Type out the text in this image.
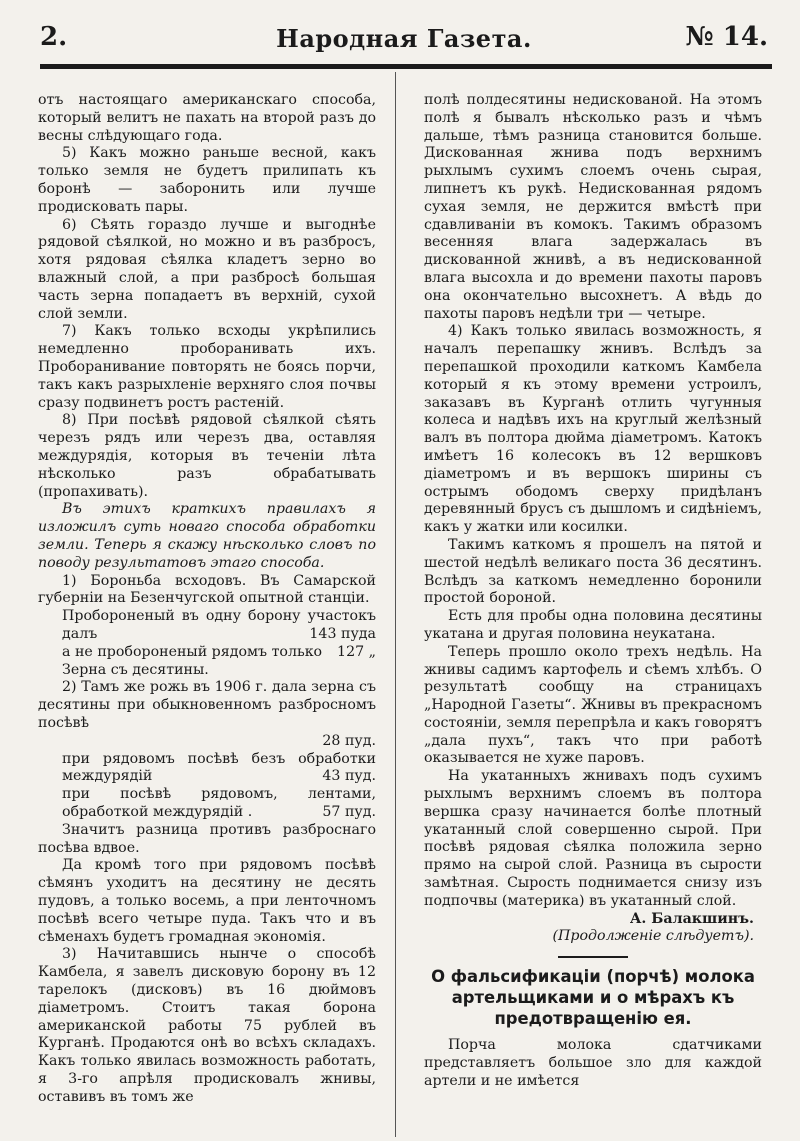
2.	Народная Газета.	№ 14.

отъ настоящаго американскаго способа, который велитъ не пахать на второй разъ до весны слѣдующаго года.

5) Какъ можно раньше весной, какъ только земля не будетъ прилипать къ боронѣ — заборонить или лучше продисковать пары.

6) Сѣять гораздо лучше и выгоднѣе рядовой сѣялкой, но можно и въ разбросъ, хотя рядовая сѣялка кладетъ зерно во влажный слой, а при разбросѣ большая часть зерна попадаетъ въ верхній, сухой слой земли.

7) Какъ только всходы укрѣпились немедленно проборанивать ихъ. Проборанивание повторять не боясь порчи, такъ какъ разрыхленіе верхняго слоя почвы сразу подвинетъ ростъ растеній.

8) При посѣвѣ рядовой сѣялкой сѣять черезъ рядъ или черезъ два, оставляя междурядія, которыя въ теченіи лѣта нѣсколько разъ обрабатывать (пропахивать).

Въ этихъ краткихъ правилахъ я изложилъ суть новаго способа обработки земли. Теперь я скажу нѣсколько словъ по поводу результатовъ этаго способа.

1) Бороньба всходовъ. Въ Самарской губерніи на Безенчугской опытной станціи.

Пробороненый въ одну борону участокъ далъ	143 пуда
а не пробороненый рядомъ только 127 „
Зерна съ десятины.

2) Тамъ же рожь въ 1906 г. дала зерна съ десятины при обыкновенномъ разбросномъ посѣвѣ

28 пуд.
при рядовомъ посѣвѣ безъ обработки междурядій	43 пуд.
при посѣвѣ рядовомъ, лентами, обработкой междурядій .	57 пуд.

Значитъ разница противъ разброснаго посѣва вдвое.

Да кромѣ того при рядовомъ посѣвѣ сѣмянъ уходитъ на десятину не десять пудовъ, а только восемь, а при ленточномъ посѣвѣ всего четыре пуда. Такъ что и въ сѣменахъ будетъ громадная экономія.

3) Начитавшись нынче о способѣ Камбела, я завелъ дисковую борону въ 12 тарелокъ (дисковъ) въ 16 дюймовъ діаметромъ. Стоитъ такая борона американской работы 75 рублей въ Курганѣ. Продаются онѣ во всѣхъ складахъ. Какъ только явилась возможность работать, я 3-го апрѣля продисковалъ жнивы, оставивъ въ томъ же

полѣ полдесятины недискованой. На этомъ полѣ я бывалъ нѣсколько разъ и чѣмъ дальше, тѣмъ разница становится больше. Дискованная жнива подъ верхнимъ рыхлымъ сухимъ слоемъ очень сырая, липнетъ къ рукѣ. Недискованная рядомъ сухая земля, не держится вмѣстѣ при сдавливаніи въ комокъ. Такимъ образомъ весенняя влага задержалась въ дискованной жнивѣ, а въ недискованной влага высохла и до времени пахоты паровъ она окончательно высохнетъ. А вѣдь до пахоты паровъ недѣли три — четыре.

4) Какъ только явилась возможность, я началъ перепашку жнивъ. Вслѣдъ за перепашкой проходили каткомъ Камбела который я къ этому времени устроилъ, заказавъ въ Курганѣ отлить чугунныя колеса и надѣвъ ихъ на круглый желѣзный валъ въ полтора дюйма діаметромъ. Катокъ имѣетъ 16 колесокъ въ 12 вершковъ діаметромъ и въ вершокъ ширины съ острымъ ободомъ сверху придѣланъ деревянный брусъ съ дышломъ и сидѣніемъ, какъ у жатки или косилки.

Такимъ каткомъ я прошелъ на пятой и шестой недѣлѣ великаго поста 36 десятинъ. Вслѣдъ за каткомъ немедленно боронили простой бороной.

Есть для пробы одна половина десятины укатана и другая половина неукатана.

Теперь прошло около трехъ недѣль. На жнивы садимъ картофель и сѣемъ хлѣбъ. О результатѣ сообщу на страницахъ „Народной Газеты“. Жнивы въ прекрасномъ состояніи, земля перепрѣла и какъ говорятъ „дала пухъ“, такъ что при работѣ оказывается не хуже паровъ.

На укатанныхъ жнивахъ подъ сухимъ рыхлымъ верхнимъ слоемъ въ полтора вершка сразу начинается болѣе плотный укатанный слой совершенно сырой. При посѣвѣ рядовая сѣялка положила зерно прямо на сырой слой. Разница въ сырости замѣтная. Сырость поднимается снизу изъ подпочвы (материка) въ укатанный слой.

А. Балакшинъ.

(Продолженіе слѣдуетъ).

О фальсификаціи (порчѣ) молока артельщиками и о мѣрахъ къ предотвращенію ея.

Порча молока сдатчиками представляетъ большое зло для каждой артели и не имѣется
